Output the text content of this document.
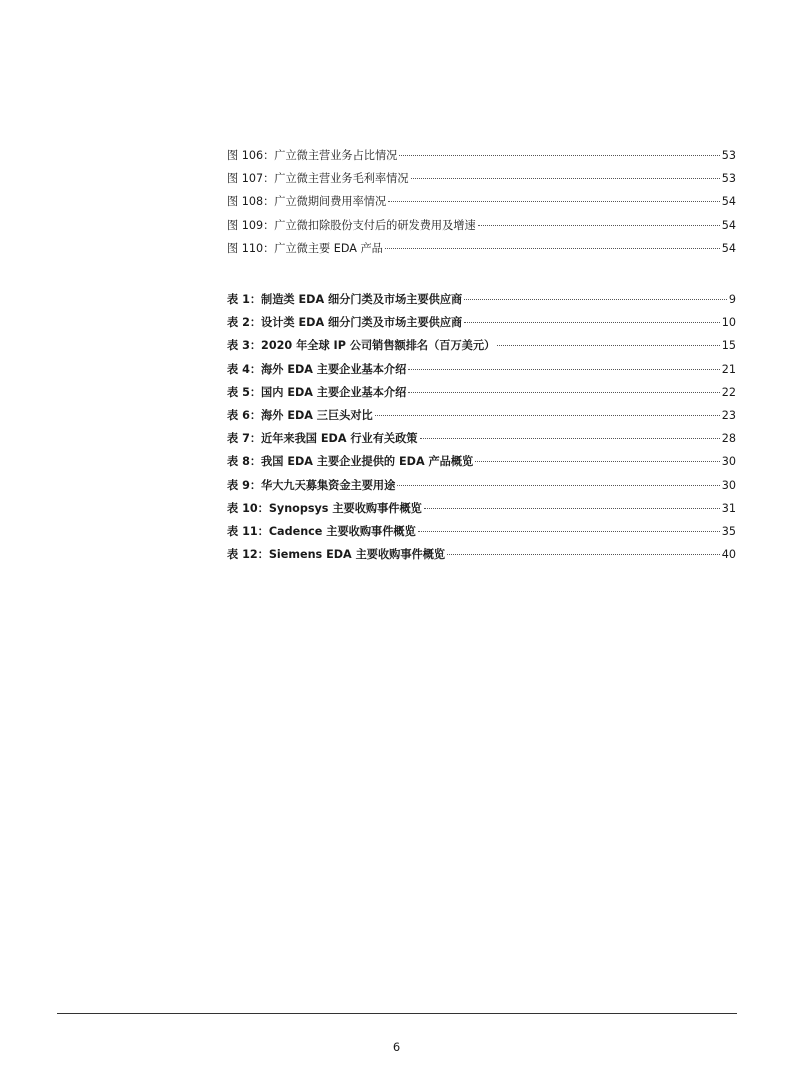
图 106：广立微主营业务占比情况	53
图 107：广立微主营业务毛利率情况	53
图 108：广立微期间费用率情况	54
图 109：广立微扣除股份支付后的研发费用及增速	54
图 110：广立微主要 EDA 产品	54
表 1：制造类 EDA 细分门类及市场主要供应商	9
表 2：设计类 EDA 细分门类及市场主要供应商	10
表 3：2020 年全球 IP 公司销售额排名（百万美元）	15
表 4：海外 EDA 主要企业基本介绍	21
表 5：国内 EDA 主要企业基本介绍	22
表 6：海外 EDA 三巨头对比	23
表 7：近年来我国 EDA 行业有关政策	28
表 8：我国 EDA 主要企业提供的 EDA 产品概览	30
表 9：华大九天募集资金主要用途	30
表 10：Synopsys 主要收购事件概览	31
表 11：Cadence 主要收购事件概览	35
表 12：Siemens EDA 主要收购事件概览	40
6
